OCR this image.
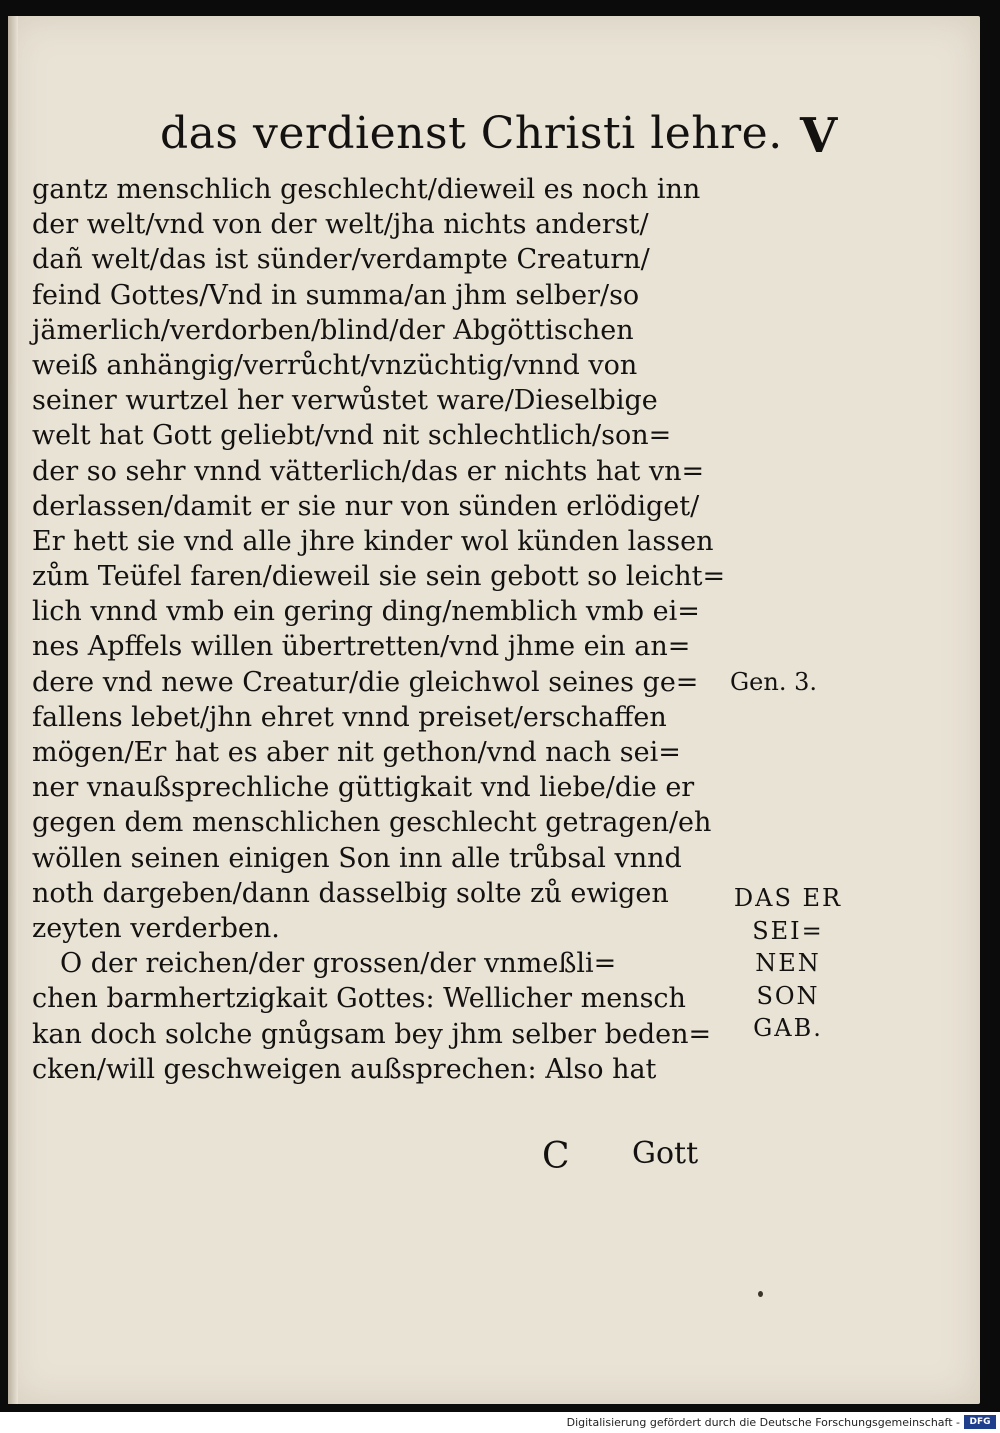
das verdienst Christi lehre. V
gantz menschlich geschlecht/dieweil es noch inn
der welt/vnd von der welt/jha nichts anderst/
dañ welt/das ist sünder/verdampte Creaturn/
feind Gottes/Vnd in summa/an jhm selber/so
jämerlich/verdorben/blind/der Abgöttischen
weiß anhängig/verrůcht/vnzüchtig/vnnd von
seiner wurtzel her verwůstet ware/Dieselbige
welt hat Gott geliebt/vnd nit schlechtlich/son=
der so sehr vnnd vätterlich/das er nichts hat vn=
derlassen/damit er sie nur von sünden erlödiget/
Er hett sie vnd alle jhre kinder wol künden lassen
zům Teüfel faren/dieweil sie sein gebott so leicht=
lich vnnd vmb ein gering ding/nemblich vmb ei=
nes Apffels willen übertretten/vnd jhme ein an=
dere vnd newe Creatur/die gleichwol seines ge=
fallens lebet/jhn ehret vnnd preiset/erschaffen
mögen/Er hat es aber nit gethon/vnd nach sei=
ner vnaußsprechliche güttigkait vnd liebe/die er
gegen dem menschlichen geschlecht getragen/eh
wöllen seinen einigen Son inn alle trůbsal vnnd
noth dargeben/dann dasselbig solte zů ewigen
zeyten verderben.
O der reichen/der grossen/der vnmeßli=
chen barmhertzigkait Gottes: Wellicher mensch
kan doch solche gnůgsam bey jhm selber beden=
cken/will geschweigen außsprechen: Also hat
C Gott
Gen. 3.
DAS ER
SEI=
NEN
SON
GAB.
Digitalisierung gefördert durch die Deutsche Forschungsgemeinschaft -	DFG
